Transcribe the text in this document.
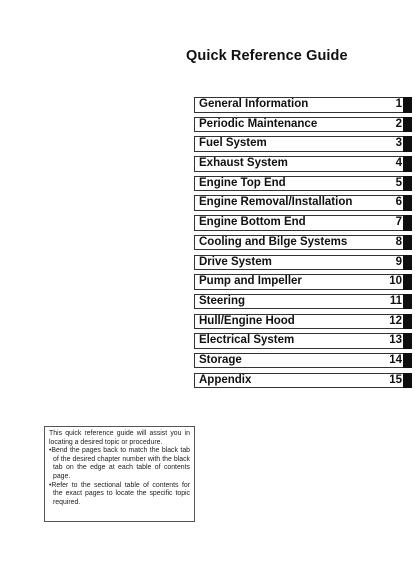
Quick Reference Guide
General Information	1
Periodic Maintenance	2
Fuel System	3
Exhaust System	4
Engine Top End	5
Engine Removal/Installation	6
Engine Bottom End	7
Cooling and Bilge Systems	8
Drive System	9
Pump and Impeller	10
Steering	11
Hull/Engine Hood	12
Electrical System	13
Storage	14
Appendix	15
This quick reference guide will assist you in locating a desired topic or procedure.
•Bend the pages back to match the black tab of the desired chapter number with the black tab on the edge at each table of contents page.
•Refer to the sectional table of contents for the exact pages to locate the specific topic required.
